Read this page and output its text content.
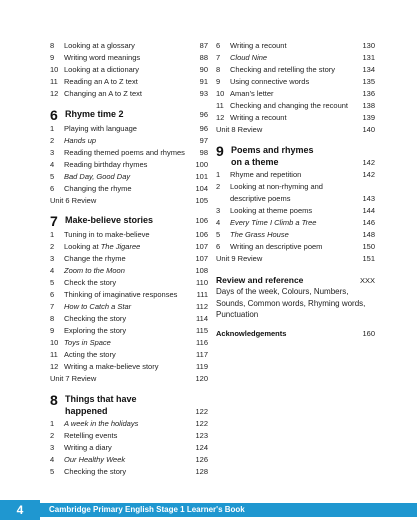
8	Looking at a glossary	87
9	Writing word meanings	88
10 Looking at a dictionary	90
11 Reading an A to Z text	91
12 Changing an A to Z text	93
6 Rhyme time 2	96
1	Playing with language	96
2	Hands up	97
3	Reading themed poems and rhymes	98
4	Reading birthday rhymes	100
5	Bad Day, Good Day	101
6	Changing the rhyme	104
Unit 6 Review	105
7 Make-believe stories	106
1	Tuning in to make-believe	106
2	Looking at The Jigaree	107
3	Change the rhyme	107
4	Zoom to the Moon	108
5	Check the story	110
6	Thinking of imaginative responses	111
7	How to Catch a Star	112
8	Checking the story	114
9	Exploring the story	115
10 Toys in Space	116
11 Acting the story	117
12 Writing a make-believe story	119
Unit 7 Review	120
8 Things that have happened	122
1	A week in the holidays	122
2	Retelling events	123
3	Writing a diary	124
4	Our Healthy Week	126
5	Checking the story	128
6	Writing a recount	130
7	Cloud Nine	131
8	Checking and retelling the story	134
9	Using connective words	135
10 Aman's letter	136
11 Checking and changing the recount	138
12 Writing a recount	139
Unit 8 Review	140
9 Poems and rhymes on a theme	142
1	Rhyme and repetition	142
2	Looking at non-rhyming and descriptive poems	143
3	Looking at theme poems	144
4	Every Time I Climb a Tree	146
5	The Grass House	148
6	Writing an descriptive poem	150
Unit 9 Review	151
Review and reference	XXX
Days of the week, Colours, Numbers, Sounds, Common words, Rhyming words, Punctuation
Acknowledgements	160
4	Cambridge Primary English Stage 1 Learner's Book
